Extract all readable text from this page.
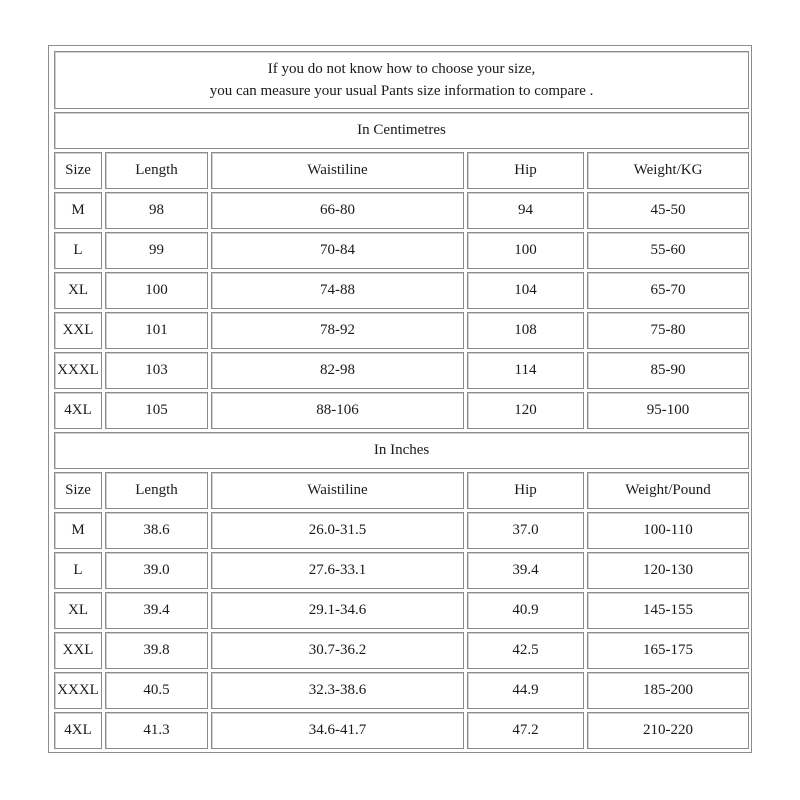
If you do not know how to choose your size,
you can measure your usual Pants size information to compare .				

In Centimetres				
Size	Length	Waistiline	Hip	Weight/KG
M	98	66-80	94	45-50
L	99	70-84	100	55-60
XL	100	74-88	104	65-70
XXL	101	78-92	108	75-80
XXXL	103	82-98	114	85-90
4XL	105	88-106	120	95-100
In Inches				
Size	Length	Waistiline	Hip	Weight/Pound
M	38.6	26.0-31.5	37.0	100-110
L	39.0	27.6-33.1	39.4	120-130
XL	39.4	29.1-34.6	40.9	145-155
XXL	39.8	30.7-36.2	42.5	165-175
XXXL	40.5	32.3-38.6	44.9	185-200
4XL	41.3	34.6-41.7	47.2	210-220
